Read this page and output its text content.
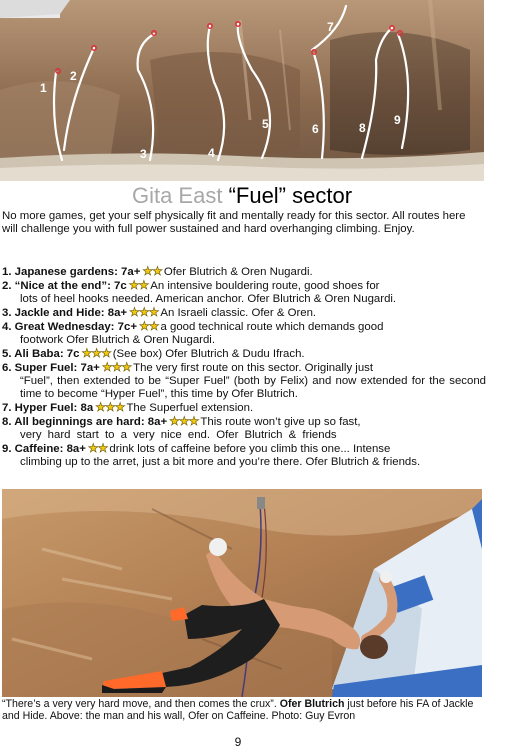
1
2
3	4
5	6
7
8
9
Gita East “Fuel” sector

No more games, get your self physically fit and mentally ready for this sector. All routes here will challenge you with full power sustained and hard overhanging climbing. Enjoy.

1. Japanese gardens: 7a+ ★★ Ofer Blutrich & Oren Nugardi.
2. “Nice at the end”: 7c ★★ An intensive bouldering route, good shoes for
lots of heel hooks needed. American anchor. Ofer Blutrich & Oren Nugardi.
3. Jackle and Hide: 8a+ ★★★ An Israeli classic. Ofer & Oren.
4. Great Wednesday: 7c+ ★★ a good technical route which demands good
footwork Ofer Blutrich & Oren Nugardi.
5. Ali Baba: 7c ★★★ (See box) Ofer Blutrich & Dudu Ifrach.
6. Super Fuel: 7a+ ★★★ The very first route on this sector. Originally just
“Fuel”, then extended to be “Super Fuel” (both by Felix) and now extended for the second time to become “Hyper Fuel”, this time by Ofer Blutrich.
7. Hyper Fuel: 8a ★★★ The Superfuel extension.
8. All beginnings are hard: 8a+ ★★★ This route won’t give up so fast,
very hard start to a very nice end. Ofer Blutrich & friends
9. Caffeine: 8a+ ★★ drink lots of caffeine before you climb this one... Intense
climbing up to the arret, just a bit more and you’re there. Ofer Blutrich & friends.

“There’s a very very hard move, and then comes the crux”. Ofer Blutrich just before his FA of Jackle and Hide. Above: the man and his wall, Ofer on Caffeine. Photo: Guy Evron

9
